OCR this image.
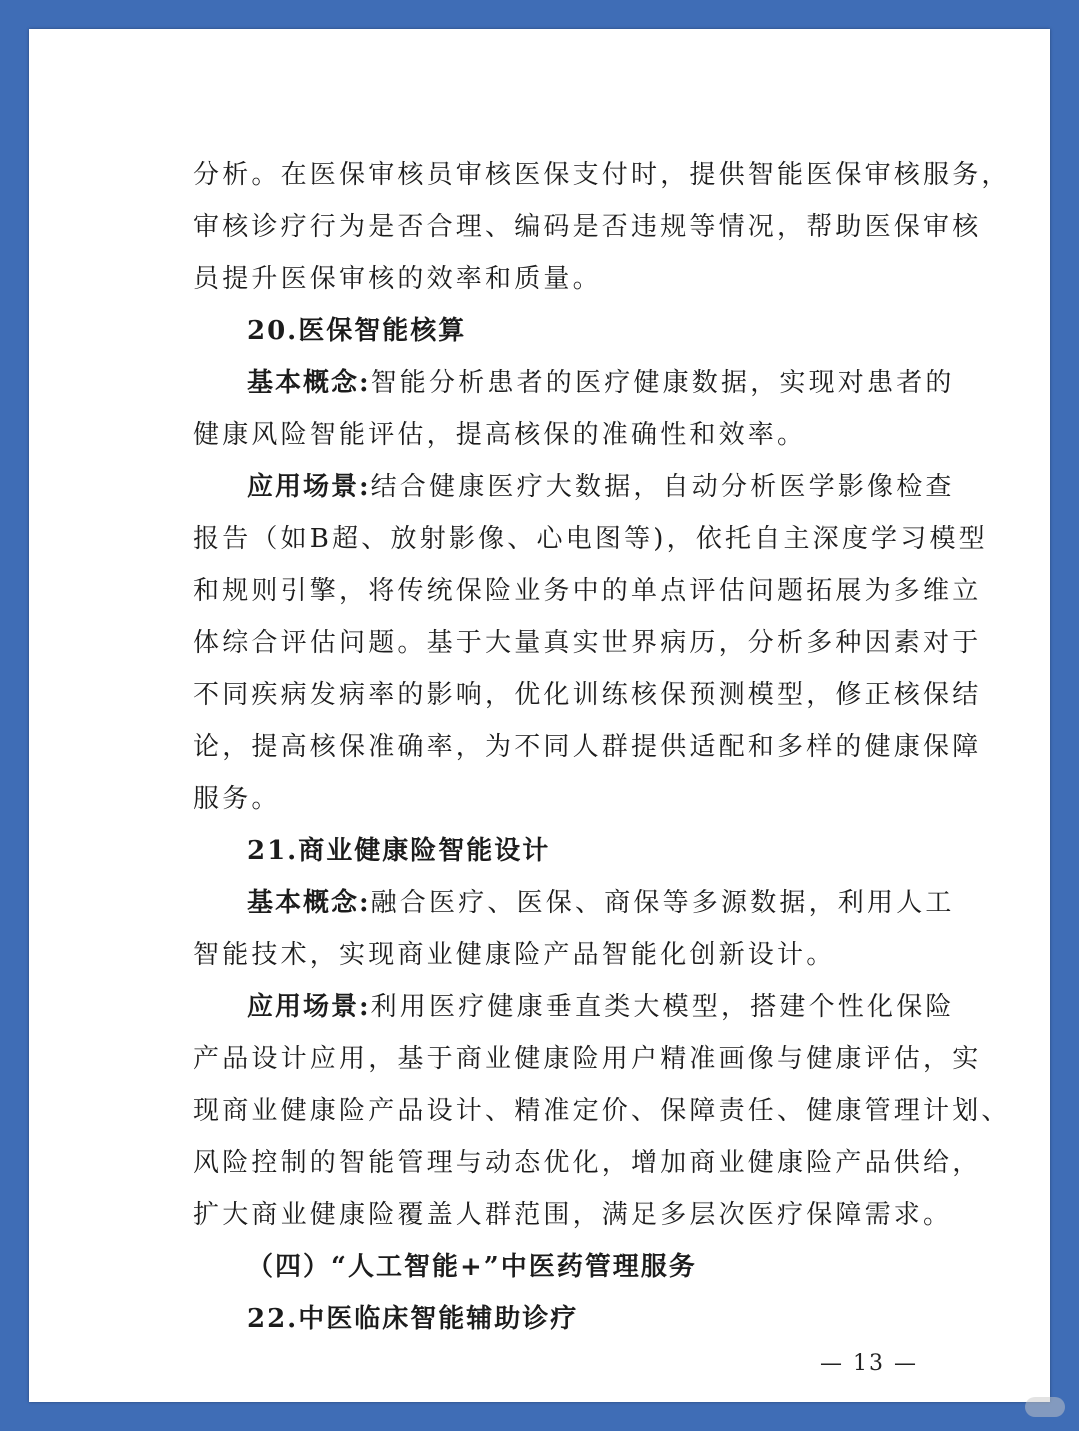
分析。在医保审核员审核医保支付时，提供智能医保审核服务，
审核诊疗行为是否合理、编码是否违规等情况，帮助医保审核
员提升医保审核的效率和质量。
20.医保智能核算
基本概念:智能分析患者的医疗健康数据，实现对患者的
健康风险智能评估，提高核保的准确性和效率。
应用场景:结合健康医疗大数据，自动分析医学影像检查
报告（如B超、放射影像、心电图等)，依托自主深度学习模型
和规则引擎，将传统保险业务中的单点评估问题拓展为多维立
体综合评估问题。基于大量真实世界病历，分析多种因素对于
不同疾病发病率的影响，优化训练核保预测模型，修正核保结
论，提高核保准确率，为不同人群提供适配和多样的健康保障
服务。
21.商业健康险智能设计
基本概念:融合医疗、医保、商保等多源数据，利用人工
智能技术，实现商业健康险产品智能化创新设计。
应用场景:利用医疗健康垂直类大模型，搭建个性化保险
产品设计应用，基于商业健康险用户精准画像与健康评估，实
现商业健康险产品设计、精准定价、保障责任、健康管理计划、
风险控制的智能管理与动态优化，增加商业健康险产品供给，
扩大商业健康险覆盖人群范围，满足多层次医疗保障需求。
（四）“人工智能+”中医药管理服务
22.中医临床智能辅助诊疗
— 13 —
